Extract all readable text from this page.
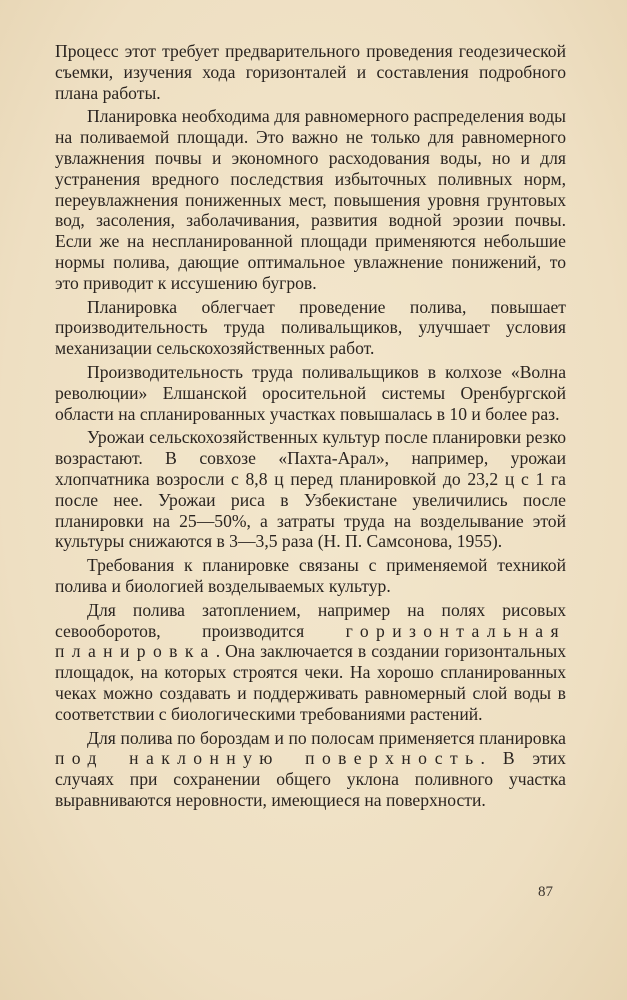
Процесс этот требует предварительного проведения геодезической съемки, изучения хода горизонталей и составления подробного плана работы.

Планировка необходима для равномерного распределения воды на поливаемой площади. Это важно не только для равномерного увлажнения почвы и экономного расходования воды, но и для устранения вредного последствия избыточных поливных норм, переувлажнения пониженных мест, повышения уровня грунтовых вод, засоления, заболачивания, развития водной эрозии почвы. Если же на неспланированной площади применяются небольшие нормы полива, дающие оптимальное увлажнение понижений, то это приводит к иссушению бугров.

Планировка облегчает проведение полива, повышает производительность труда поливальщиков, улучшает условия механизации сельскохозяйственных работ.

Производительность труда поливальщиков в колхозе «Волна революции» Елшанской оросительной системы Оренбургской области на спланированных участках повышалась в 10 и более раз.

Урожаи сельскохозяйственных культур после планировки резко возрастают. В совхозе «Пахта-Арал», например, урожаи хлопчатника возросли с 8,8 ц перед планировкой до 23,2 ц с 1 га после нее. Урожаи риса в Узбекистане увеличились после планировки на 25—50%, а затраты труда на возделывание этой культуры снижаются в 3—3,5 раза (Н. П. Самсонова, 1955).

Требования к планировке связаны с применяемой техникой полива и биологией возделываемых культур.

Для полива затоплением, например на полях рисовых севооборотов, производится горизонтальная планировка. Она заключается в создании горизонтальных площадок, на которых строятся чеки. На хорошо спланированных чеках можно создавать и поддерживать равномерный слой воды в соответствии с биологическими требованиями растений.

Для полива по бороздам и по полосам применяется планировка под наклонную поверхность. В этих случаях при сохранении общего уклона поливного участка выравниваются неровности, имеющиеся на поверхности.

87
